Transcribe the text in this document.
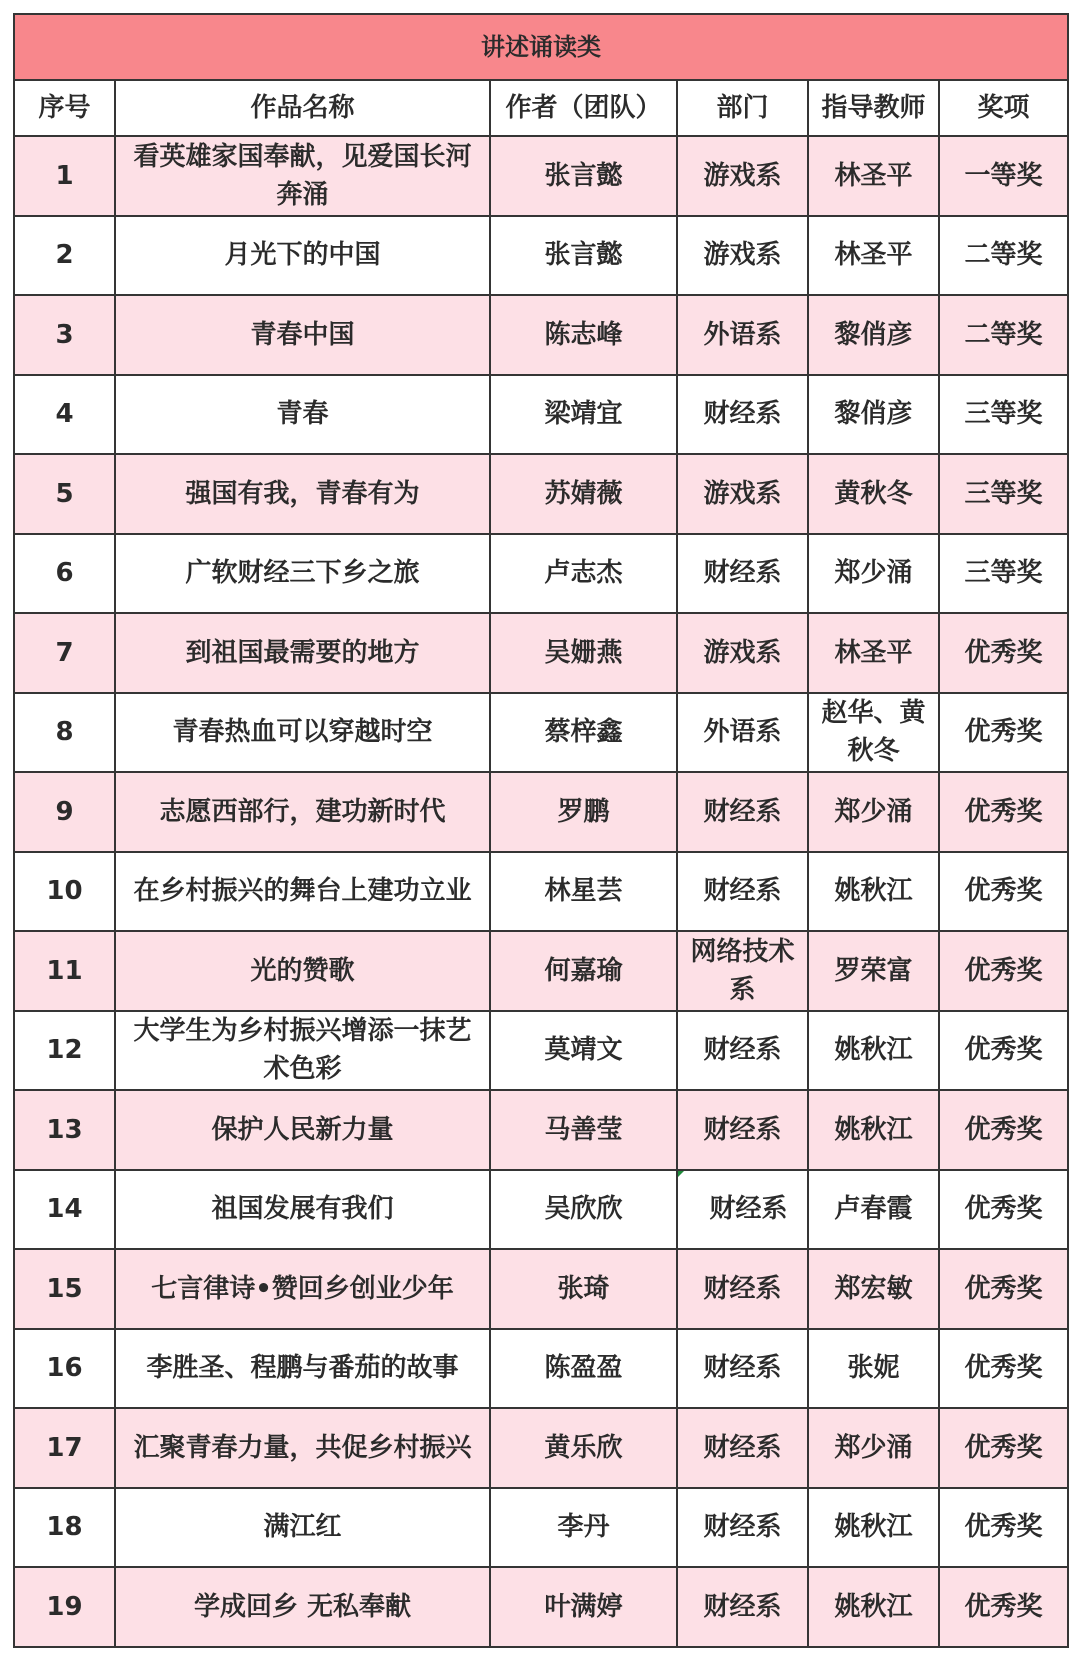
讲述诵读类					
序号	作品名称	作者（团队）	部门	指导教师	奖项
1	看英雄家国奉献，见爱国长河奔涌	张言懿	游戏系	林圣平	一等奖
2	月光下的中国	张言懿	游戏系	林圣平	二等奖
3	青春中国	陈志峰	外语系	黎俏彦	二等奖
4	青春	梁靖宜	财经系	黎俏彦	三等奖
5	强国有我，青春有为	苏婧薇	游戏系	黄秋冬	三等奖
6	广软财经三下乡之旅	卢志杰	财经系	郑少涌	三等奖
7	到祖国最需要的地方	吴姗燕	游戏系	林圣平	优秀奖
8	青春热血可以穿越时空	蔡梓鑫	外语系	赵华、黄秋冬	优秀奖
9	志愿西部行，建功新时代	罗鹏	财经系	郑少涌	优秀奖
10	在乡村振兴的舞台上建功立业	林星芸	财经系	姚秋江	优秀奖
11	光的赞歌	何嘉瑜	网络技术系	罗荣富	优秀奖
12	大学生为乡村振兴增添一抹艺术色彩	莫靖文	财经系	姚秋江	优秀奖
13	保护人民新力量	马善莹	财经系	姚秋江	优秀奖
14	祖国发展有我们	吴欣欣	财经系	卢春霞	优秀奖
15	七言律诗•赞回乡创业少年	张琦	财经系	郑宏敏	优秀奖
16	李胜圣、程鹏与番茄的故事	陈盈盈	财经系	张妮	优秀奖
17	汇聚青春力量，共促乡村振兴	黄乐欣	财经系	郑少涌	优秀奖
18	满江红	李丹	财经系	姚秋江	优秀奖
19	学成回乡 无私奉献	叶满婷	财经系	姚秋江	优秀奖
